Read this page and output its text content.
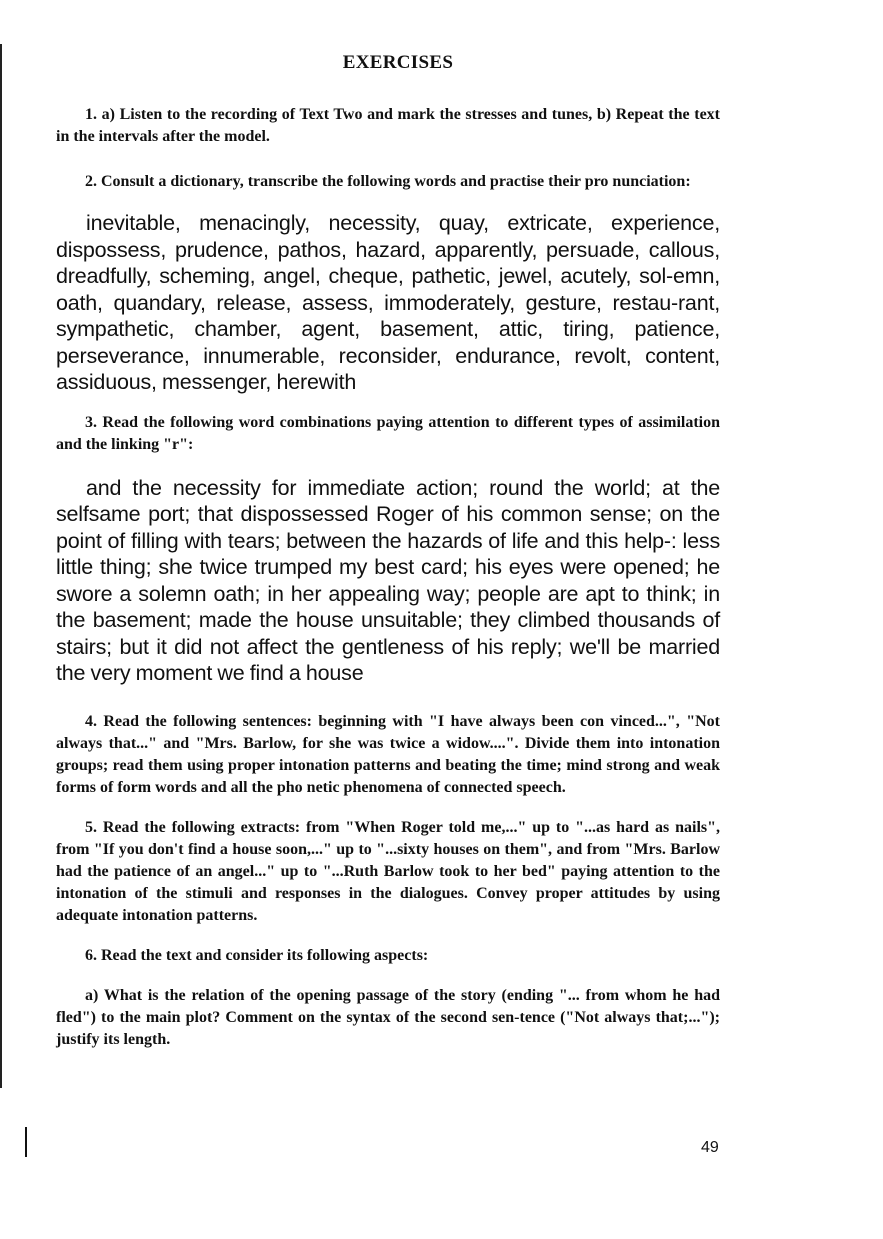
EXERCISES

1. a) Listen to the recording of Text Two and mark the stresses and tunes, b) Repeat the text in the intervals after the model.

2. Consult a dictionary, transcribe the following words and practise their pro nunciation:

inevitable, menacingly, necessity, quay, extricate, experience, dispossess, prudence, pathos, hazard, apparently, persuade, callous, dreadfully, scheming, angel, cheque, pathetic, jewel, acutely, sol-emn, oath, quandary, release, assess, immoderately, gesture, restau-rant, sympathetic, chamber, agent, basement, attic, tiring, patience, perseverance, innumerable, reconsider, endurance, revolt, content, assiduous, messenger, herewith

3. Read the following word combinations paying attention to different types of assimilation and the linking "r":

and the necessity for immediate action; round the world; at the selfsame port; that dispossessed Roger of his common sense; on the point of filling with tears; between the hazards of life and this help-: less little thing; she twice trumped my best card; his eyes were opened; he swore a solemn oath; in her appealing way; people are apt to think; in the basement; made the house unsuitable; they climbed thousands of stairs; but it did not affect the gentleness of his reply; we'll be married the very moment we find a house

4. Read the following sentences: beginning with "I have always been con vinced...", "Not always that..." and "Mrs. Barlow, for she was twice a widow....". Divide them into intonation groups; read them using proper intonation patterns and beating the time; mind strong and weak forms of form words and all the pho netic phenomena of connected speech.

5. Read the following extracts: from "When Roger told me,..." up to "...as hard as nails", from "If you don't find a house soon,..." up to "...sixty houses on them", and from "Mrs. Barlow had the patience of an angel..." up to "...Ruth Barlow took to her bed" paying attention to the intonation of the stimuli and responses in the dialogues. Convey proper attitudes by using adequate intonation patterns.

6. Read the text and consider its following aspects:

a) What is the relation of the opening passage of the story (ending "... from whom he had fled") to the main plot? Comment on the syntax of the second sen-tence ("Not always that;..."); justify its length.

49
